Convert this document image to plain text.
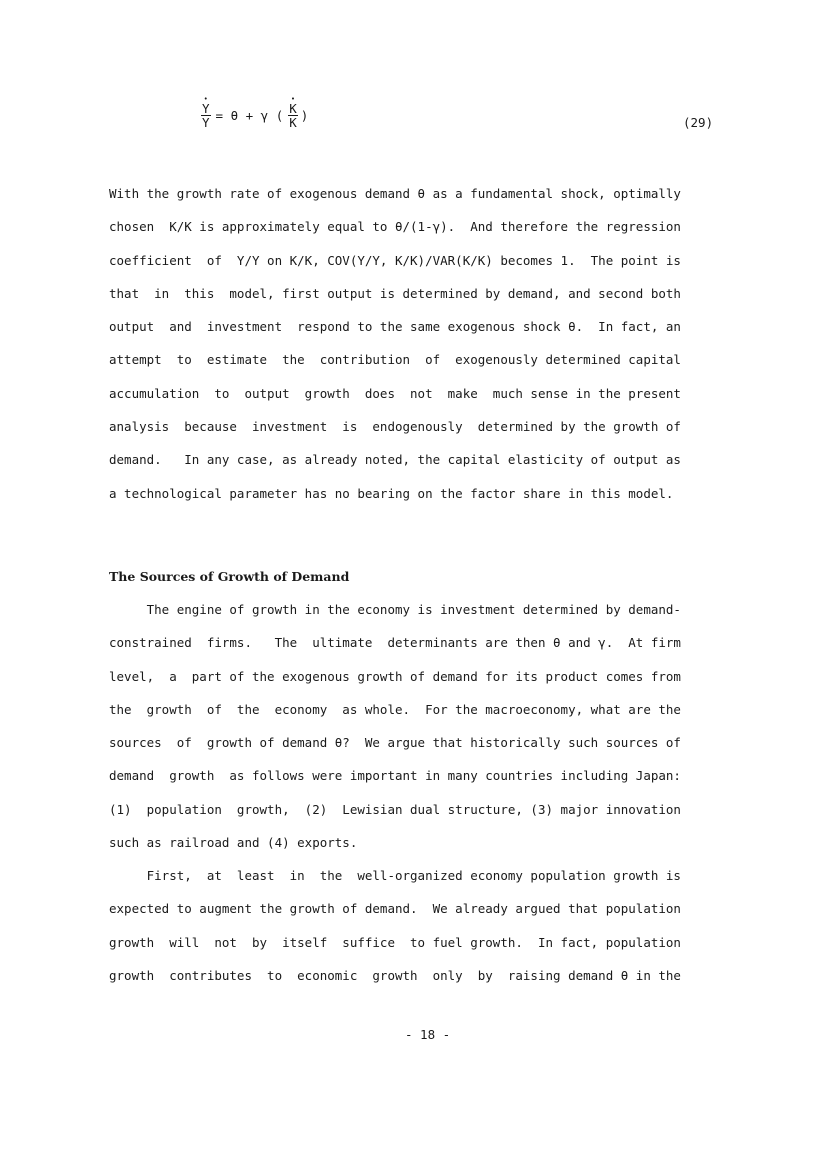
• $\frac{Y}{Y} = \theta + \gamma$ (
• $\frac{K}{K}$ )	(29)
With the growth rate of exogenous demand θ as a fundamental shock, optimally
chosen  K/K is approximately equal to θ/(1-γ).  And therefore the regression
coefficient  of  Y/Y on K/K, COV(Y/Y, K/K)/VAR(K/K) becomes 1.  The point is
that  in  this  model, first output is determined by demand, and second both
output  and  investment  respond to the same exogenous shock θ.  In fact, an
attempt  to  estimate  the  contribution  of  exogenously determined capital
accumulation  to  output  growth  does  not  make  much sense in the present
analysis  because  investment  is  endogenously  determined by the growth of
demand.   In any case, as already noted, the capital elasticity of output as
a technological parameter has no bearing on the factor share in this model.
The Sources of Growth of Demand
The engine of growth in the economy is investment determined by demand-
constrained  firms.   The  ultimate  determinants are then θ and γ.  At firm
level,  a  part of the exogenous growth of demand for its product comes from
the  growth  of  the  economy  as whole.  For the macroeconomy, what are the
sources  of  growth of demand θ?  We argue that historically such sources of
demand  growth  as follows were important in many countries including Japan:
(1)  population  growth,  (2)  Lewisian dual structure, (3) major innovation
such as railroad and (4) exports.
First,  at  least  in  the  well-organized economy population growth is
expected to augment the growth of demand.  We already argued that population
growth  will  not  by  itself  suffice  to fuel growth.  In fact, population
growth  contributes  to  economic  growth  only  by  raising demand θ in the
- 18 -
